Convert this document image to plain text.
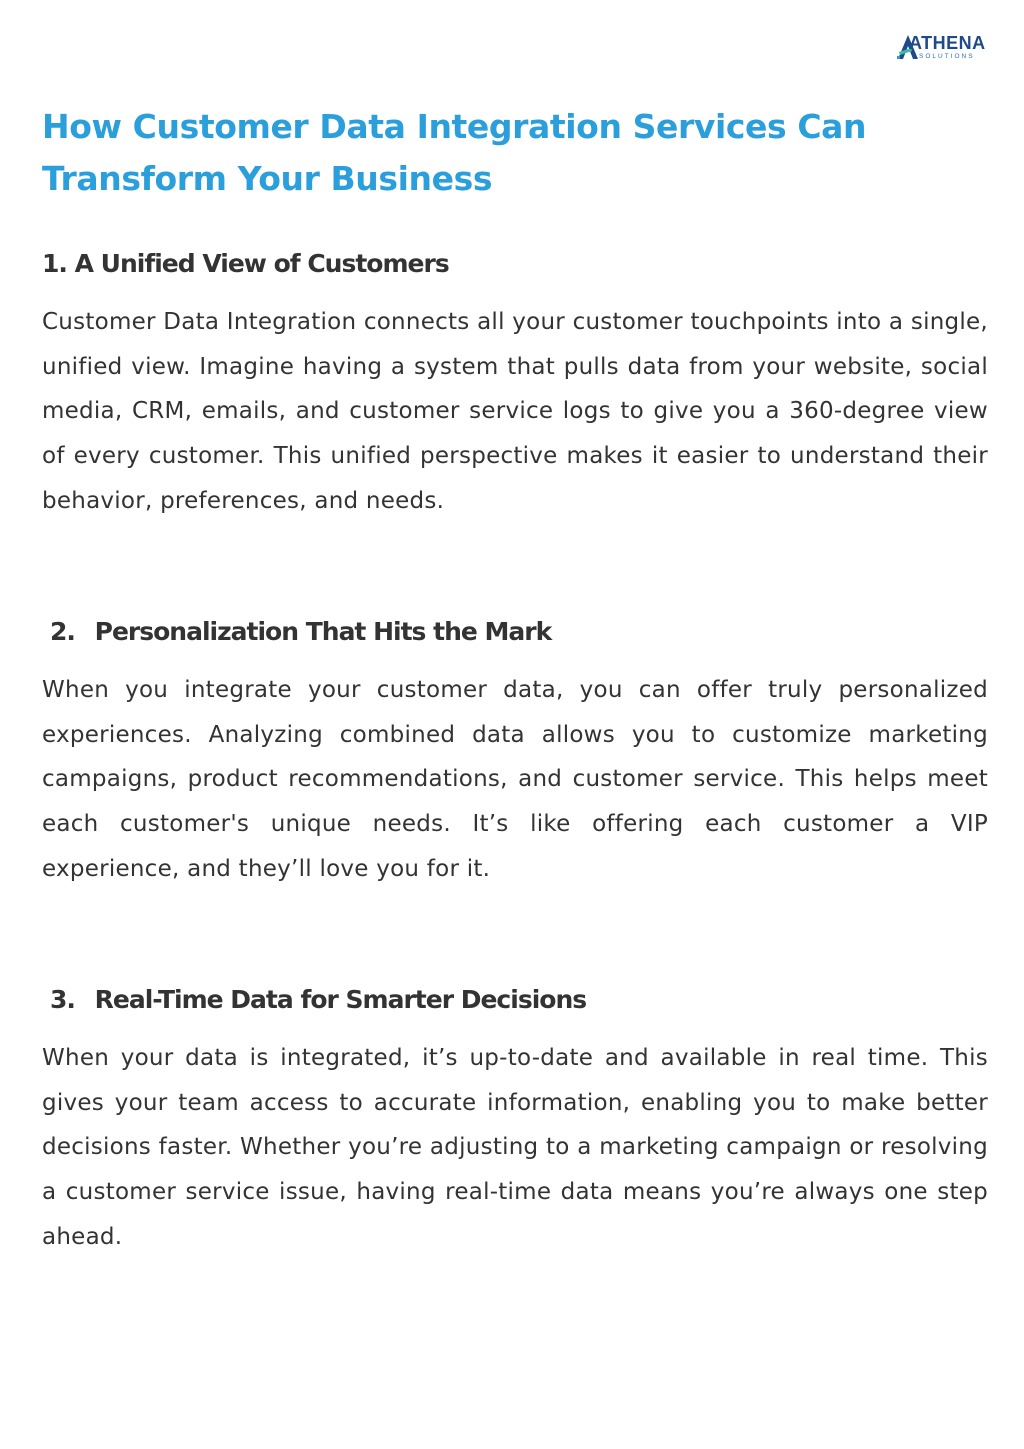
ATHENA
SOLUTIONS
How Customer Data Integration Services Can Transform Your Business
1. A Unified View of Customers

Customer Data Integration connects all your customer touchpoints into a single, unified view. Imagine having a system that pulls data from your website, social media, CRM, emails, and customer service logs to give you a 360-degree view of every customer. This unified perspective makes it easier to understand their behavior, preferences, and needs.

2. Personalization That Hits the Mark

When you integrate your customer data, you can offer truly personalized experiences. Analyzing combined data allows you to customize marketing campaigns, product recommendations, and customer service. This helps meet each customer's unique needs. It’s like offering each customer a VIP experience, and they’ll love you for it.

3. Real-Time Data for Smarter Decisions

When your data is integrated, it’s up-to-date and available in real time. This gives your team access to accurate information, enabling you to make better decisions faster. Whether you’re adjusting to a marketing campaign or resolving a customer service issue, having real-time data means you’re always one step ahead.
